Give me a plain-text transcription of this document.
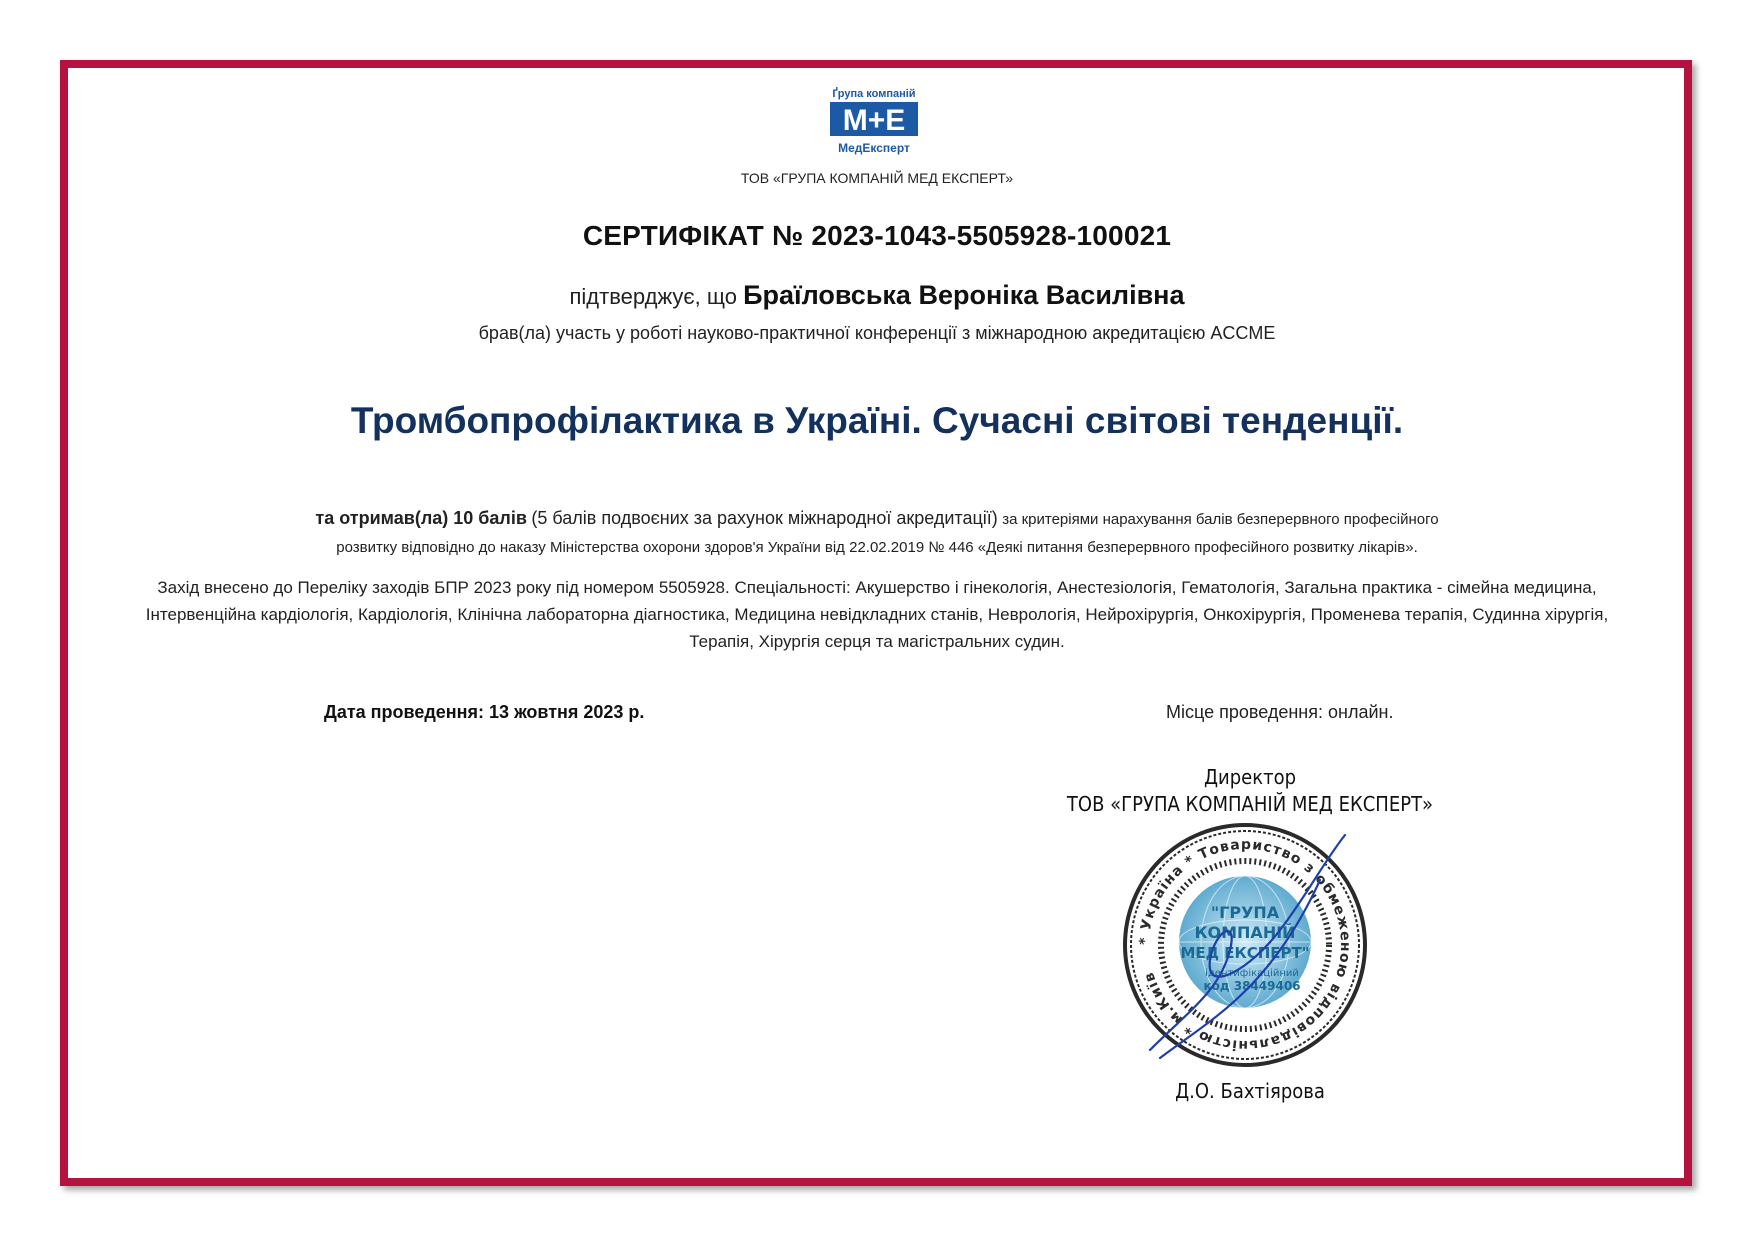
Ґрупа компаній
М+Е
МедЕксперт
ТОВ «ГРУПА КОМПАНІЙ МЕД ЕКСПЕРТ»
СЕРТИФІКАТ № 2023-1043-5505928-100021
підтверджує, що Браїловська Вероніка Василівна
брав(ла) участь у роботі науково-практичної конференції з міжнародною акредитацією ACCME
Тромбопрофілактика в Україні. Сучасні світові тенденції.
та отримав(ла) 10 балів (5 балів подвоєних за рахунок міжнародної акредитації) за критеріями нарахування балів безперервного професійного
розвитку відповідно до наказу Міністерства охорони здоров'я України від 22.02.2019 № 446 «Деякі питання безперервного професійного розвитку лікарів».
Захід внесено до Переліку заходів БПР 2023 року під номером 5505928. Спеціальності: Акушерство і гінекологія, Анестезіологія, Гематологія, Загальна практика - сімейна медицина, Інтервенційна кардіологія, Кардіологія, Клінічна лабораторна діагностика, Медицина невідкладних станів, Неврологія, Нейрохірургія, Онкохірургія, Променева терапія, Судинна хірургія, Терапія, Хірургія серця та магістральних судин.
Дата проведення: 13 жовтня 2023 р.	Місце проведення: онлайн.
Директор
ТОВ «ГРУПА КОМПАНІЙ МЕД ЕКСПЕРТ»
* Україна * Товариство з обмеженою відповідальністю * м.Київ
"ГРУПА
КОМПАНІЙ
МЕД ЕКСПЕРТ"
ідентифікаційний
код 38449406
Д.О. Бахтіярова
